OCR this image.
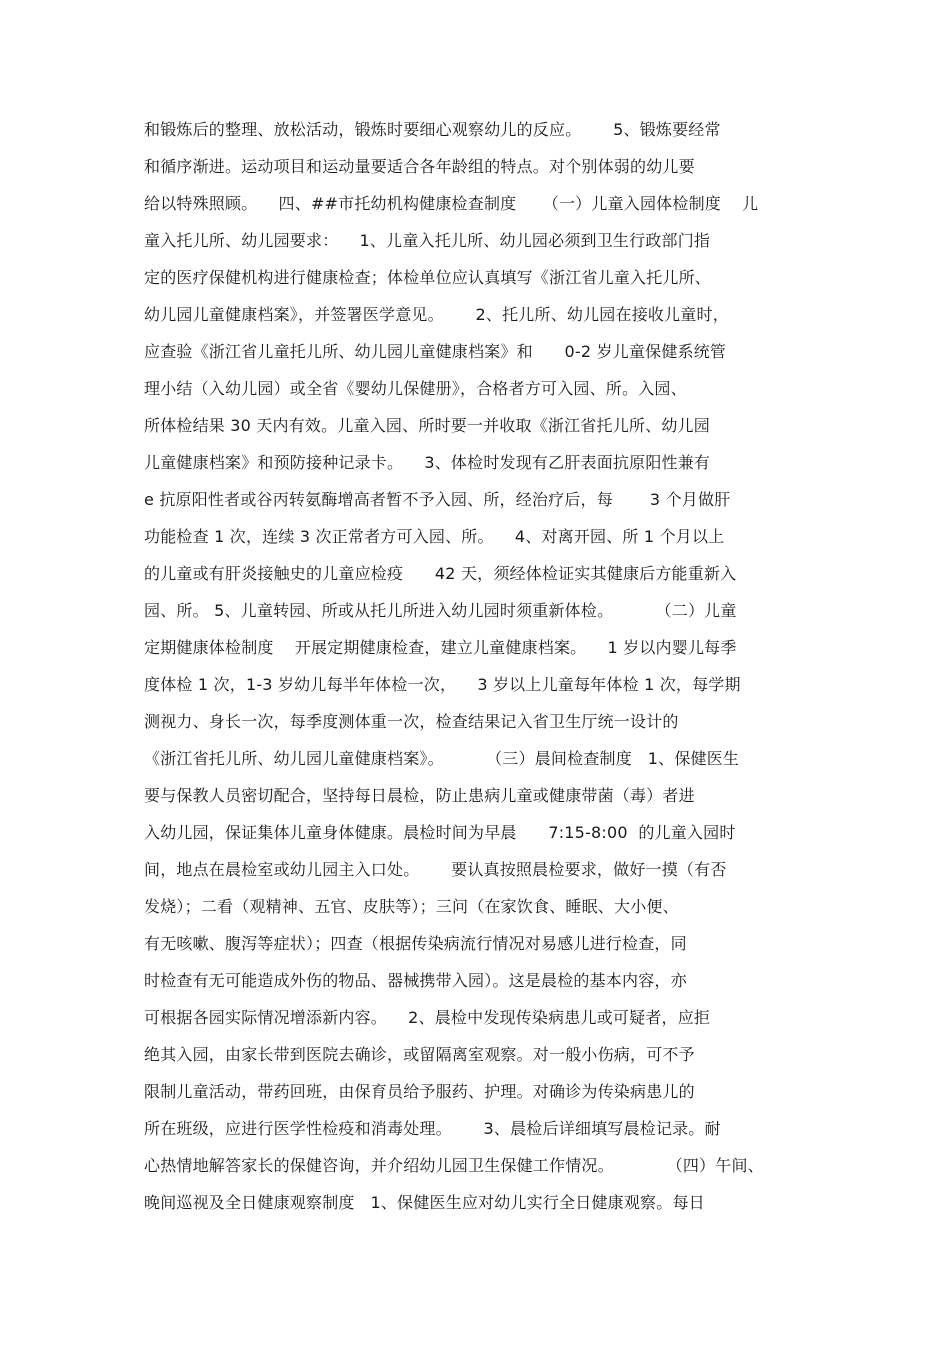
和锻炼后的整理、放松活动，锻炼时要细心观察幼儿的反应。      5、锻炼要经常
和循序渐进。运动项目和运动量要适合各年龄组的特点。对个别体弱的幼儿要
给以特殊照顾。    四、##市托幼机构健康检查制度     （一）儿童入园体检制度    儿
童入托儿所、幼儿园要求：    1、儿童入托儿所、幼儿园必须到卫生行政部门指
定的医疗保健机构进行健康检查；体检单位应认真填写《浙江省儿童入托儿所、
幼儿园儿童健康档案》，并签署医学意见。      2、托儿所、幼儿园在接收儿童时，
应查验《浙江省儿童托儿所、幼儿园儿童健康档案》和      0-2 岁儿童保健系统管
理小结（入幼儿园）或全省《婴幼儿保健册》，合格者方可入园、所。入园、
所体检结果 30 天内有效。儿童入园、所时要一并收取《浙江省托儿所、幼儿园
儿童健康档案》和预防接种记录卡。    3、体检时发现有乙肝表面抗原阳性兼有
e 抗原阳性者或谷丙转氨酶增高者暂不予入园、所，经治疗后，每       3 个月做肝
功能检查 1 次，连续 3 次正常者方可入园、所。    4、对离开园、所 1 个月以上
的儿童或有肝炎接触史的儿童应检疫      42 天，须经体检证实其健康后方能重新入
园、所。 5、儿童转园、所或从托儿所进入幼儿园时须重新体检。        （二）儿童
定期健康体检制度    开展定期健康检查，建立儿童健康档案。    1 岁以内婴儿每季
度体检 1 次，1-3 岁幼儿每半年体检一次，    3 岁以上儿童每年体检 1 次，每学期
测视力、身长一次，每季度测体重一次，检查结果记入省卫生厅统一设计的
《浙江省托儿所、幼儿园儿童健康档案》。        （三）晨间检查制度   1、保健医生
要与保教人员密切配合，坚持每日晨检，防止患病儿童或健康带菌（毒）者进
入幼儿园，保证集体儿童身体健康。晨检时间为早晨      7:15-8:00  的儿童入园时
间，地点在晨检室或幼儿园主入口处。      要认真按照晨检要求，做好一摸（有否
发烧）；二看（观精神、五官、皮肤等）；三问（在家饮食、睡眠、大小便、
有无咳嗽、腹泻等症状）；四查（根据传染病流行情况对易感儿进行检查，同
时检查有无可能造成外伤的物品、器械携带入园）。这是晨检的基本内容，亦
可根据各园实际情况增添新内容。    2、晨检中发现传染病患儿或可疑者，应拒
绝其入园，由家长带到医院去确诊，或留隔离室观察。对一般小伤病，可不予
限制儿童活动，带药回班，由保育员给予服药、护理。对确诊为传染病患儿的
所在班级，应进行医学性检疫和消毒处理。      3、晨检后详细填写晨检记录。耐
心热情地解答家长的保健咨询，并介绍幼儿园卫生保健工作情况。          （四）午间、
晚间巡视及全日健康观察制度   1、保健医生应对幼儿实行全日健康观察。每日
